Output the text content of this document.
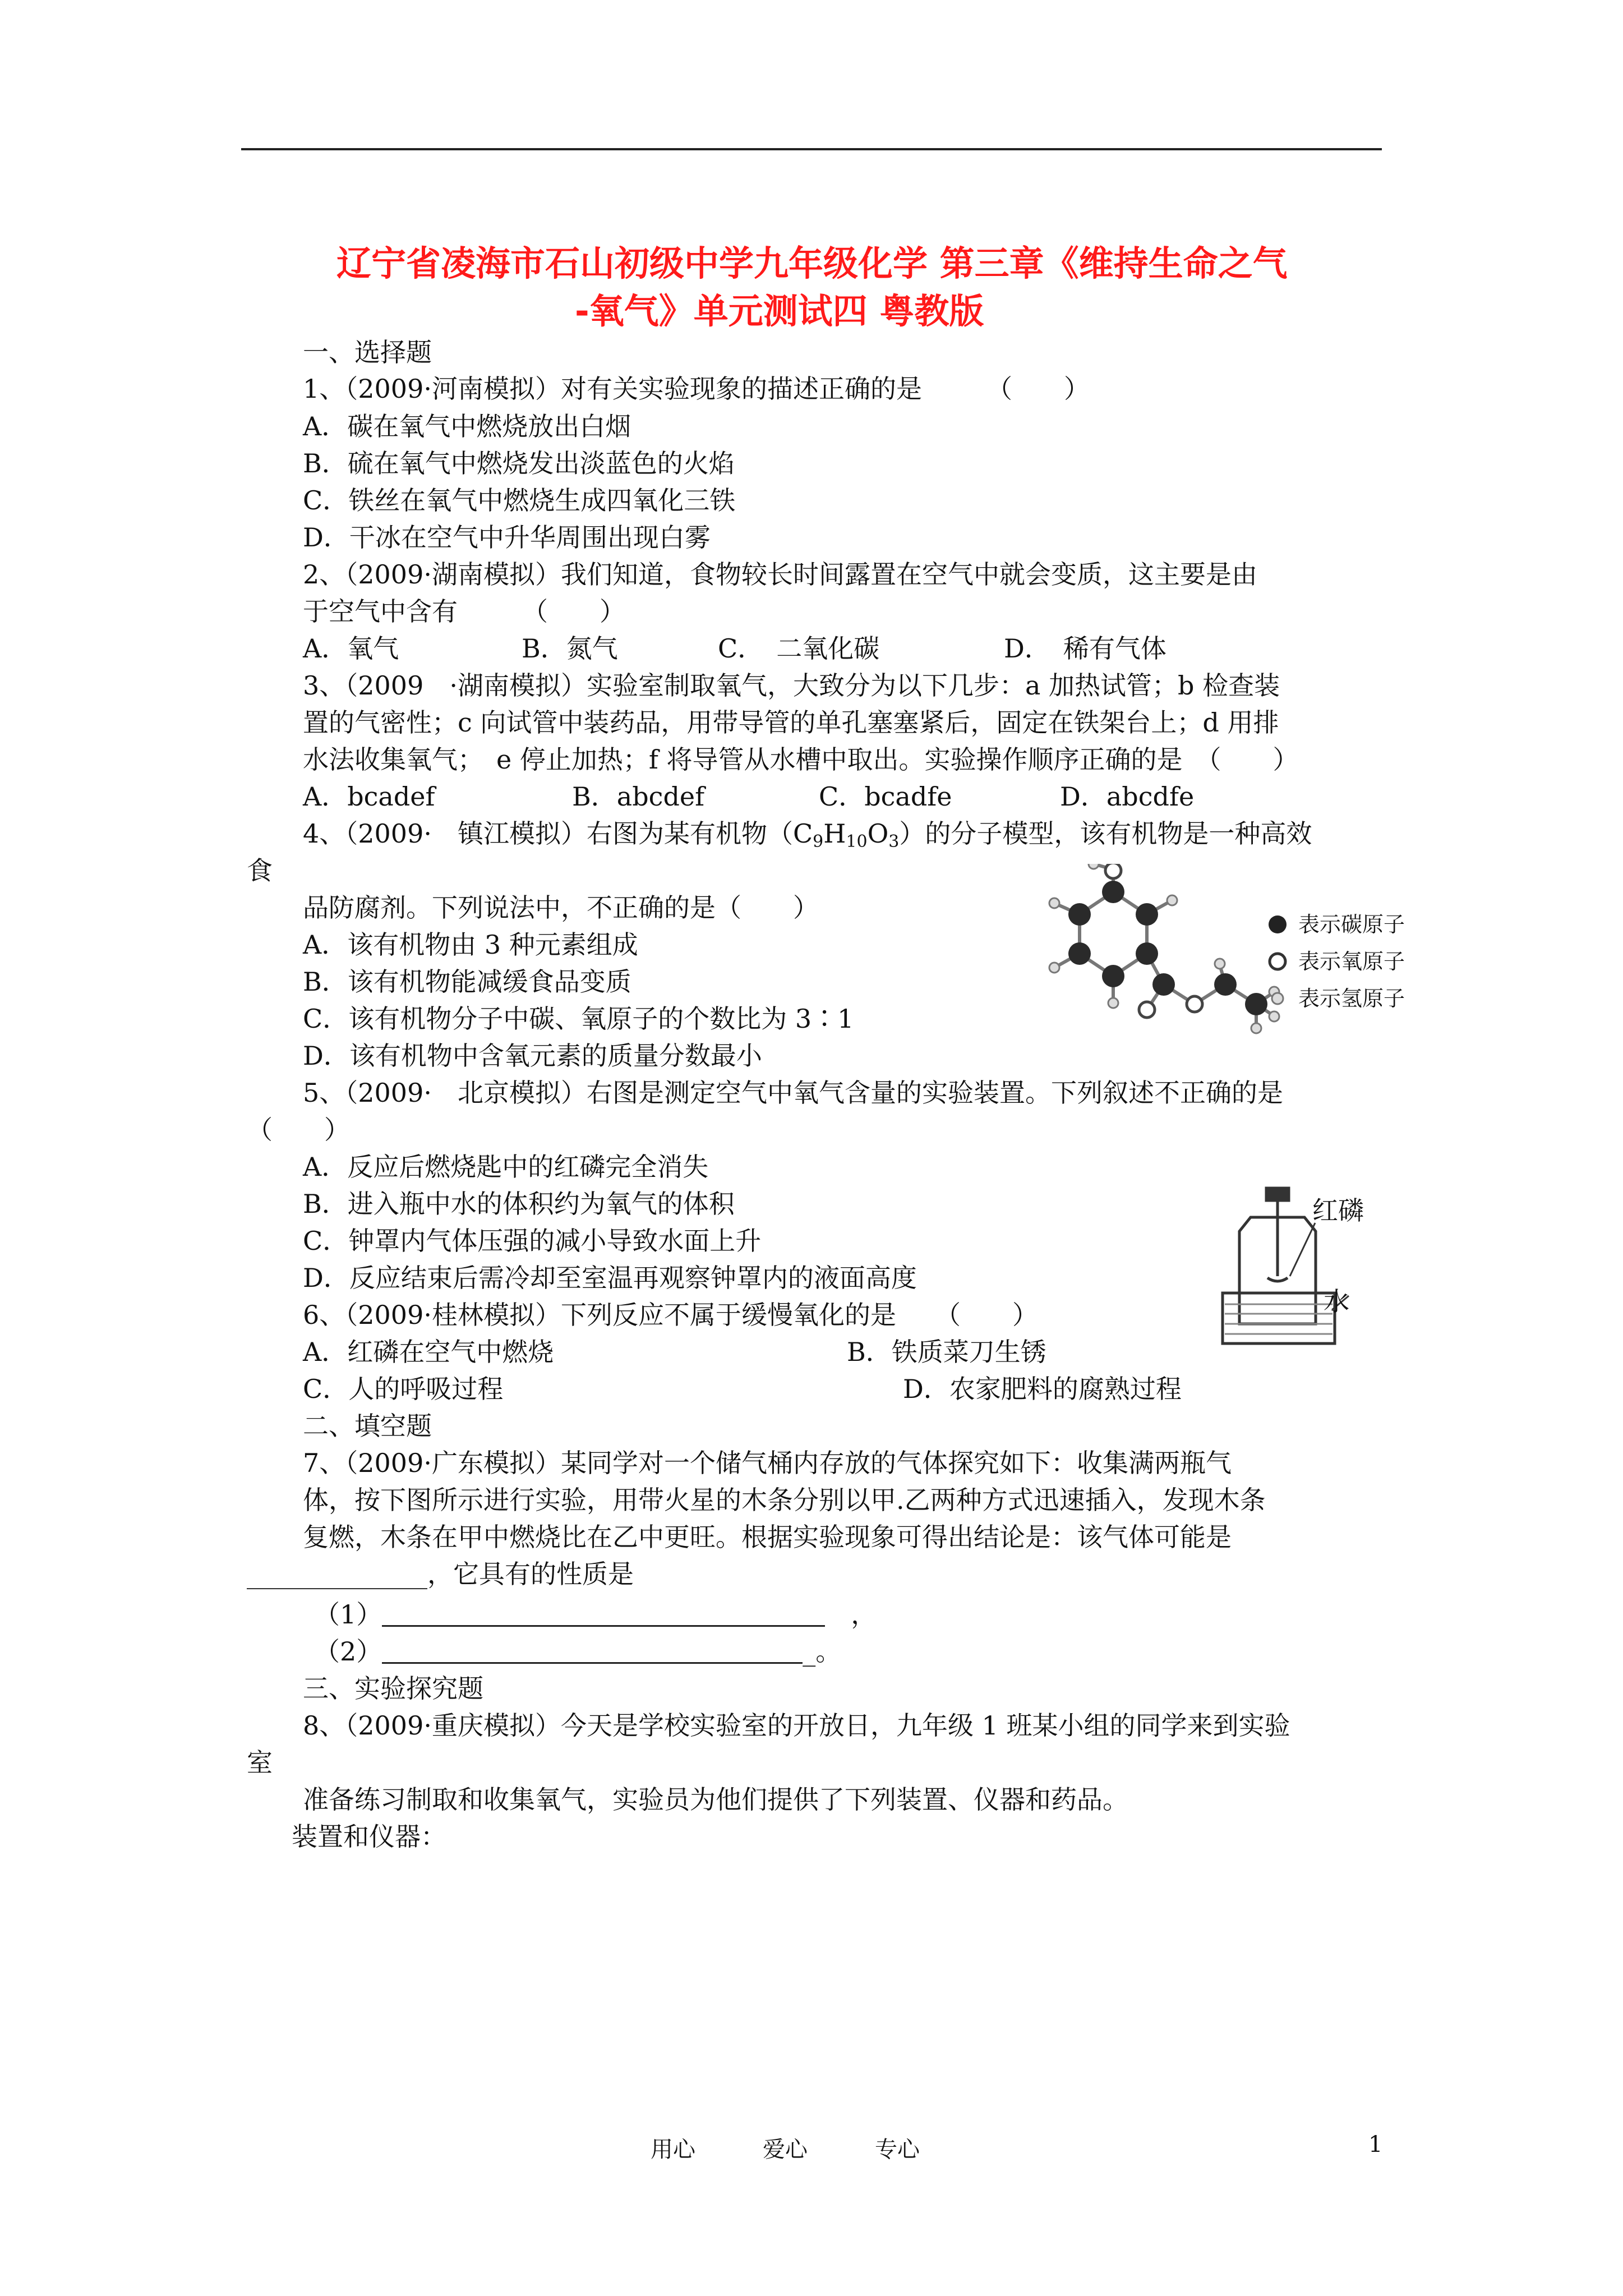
辽宁省凌海市石山初级中学九年级化学 第三章《维持生命之气
-氧气》单元测试四 粤教版
一、选择题
1、（2009·河南模拟）对有关实验现象的描述正确的是　　　（　　）
A．碳在氧气中燃烧放出白烟
B．硫在氧气中燃烧发出淡蓝色的火焰
C．铁丝在氧气中燃烧生成四氧化三铁
D．干冰在空气中升华周围出现白雾
2、（2009·湖南模拟）我们知道，食物较长时间露置在空气中就会变质，这主要是由
于空气中含有　　　（　　）
A．氧气	B．氮气	C．　二氧化碳	D．　稀有气体
3、（2009　·湖南模拟）实验室制取氧气，大致分为以下几步：a 加热试管；b 检查装
置的气密性；c 向试管中装药品，用带导管的单孔塞塞紧后，固定在铁架台上；d 用排
水法收集氧气；　e 停止加热；f 将导管从水槽中取出。实验操作顺序正确的是　（　　）
A．bcadef	B．abcdef	C．bcadfe	D．abcdfe
4、（2009·　镇江模拟）右图为某有机物$(C_9H_{10}O_3)$的分子模型，该有机物是一种高效
食
品防腐剂。下列说法中，不正确的是（　　）
A．该有机物由 3 种元素组成
B．该有机物能减缓食品变质
C．该有机物分子中碳、氧原子的个数比为 3∶1
D．该有机物中含氧元素的质量分数最小
表示碳原子
表示氧原子
表示氢原子
5、（2009·　北京模拟）右图是测定空气中氧气含量的实验装置。下列叙述不正确的是
（　　）
A．反应后燃烧匙中的红磷完全消失
B．进入瓶中水的体积约为氧气的体积
C．钟罩内气体压强的减小导致水面上升
D．反应结束后需冷却至室温再观察钟罩内的液面高度
红磷
水
6、（2009·桂林模拟）下列反应不属于缓慢氧化的是　　（　　）
A．红磷在空气中燃烧	B．铁质菜刀生锈
C．人的呼吸过程	D．农家肥料的腐熟过程
二、填空题
7、（2009·广东模拟）某同学对一个储气桶内存放的气体探究如下：收集满两瓶气
体，按下图所示进行实验，用带火星的木条分别以甲.乙两种方式迅速插入，发现木条
复燃，木条在甲中燃烧比在乙中更旺。根据实验现象可得出结论是：该气体可能是
______________，它具有的性质是
（1）　	，
（2）	_。
三、实验探究题
8、（2009·重庆模拟）今天是学校实验室的开放日，九年级 1 班某小组的同学来到实验
室
准备练习制取和收集氧气，实验员为他们提供了下列装置、仪器和药品。
装置和仪器：
用心　　　爱心　　　专心	1
